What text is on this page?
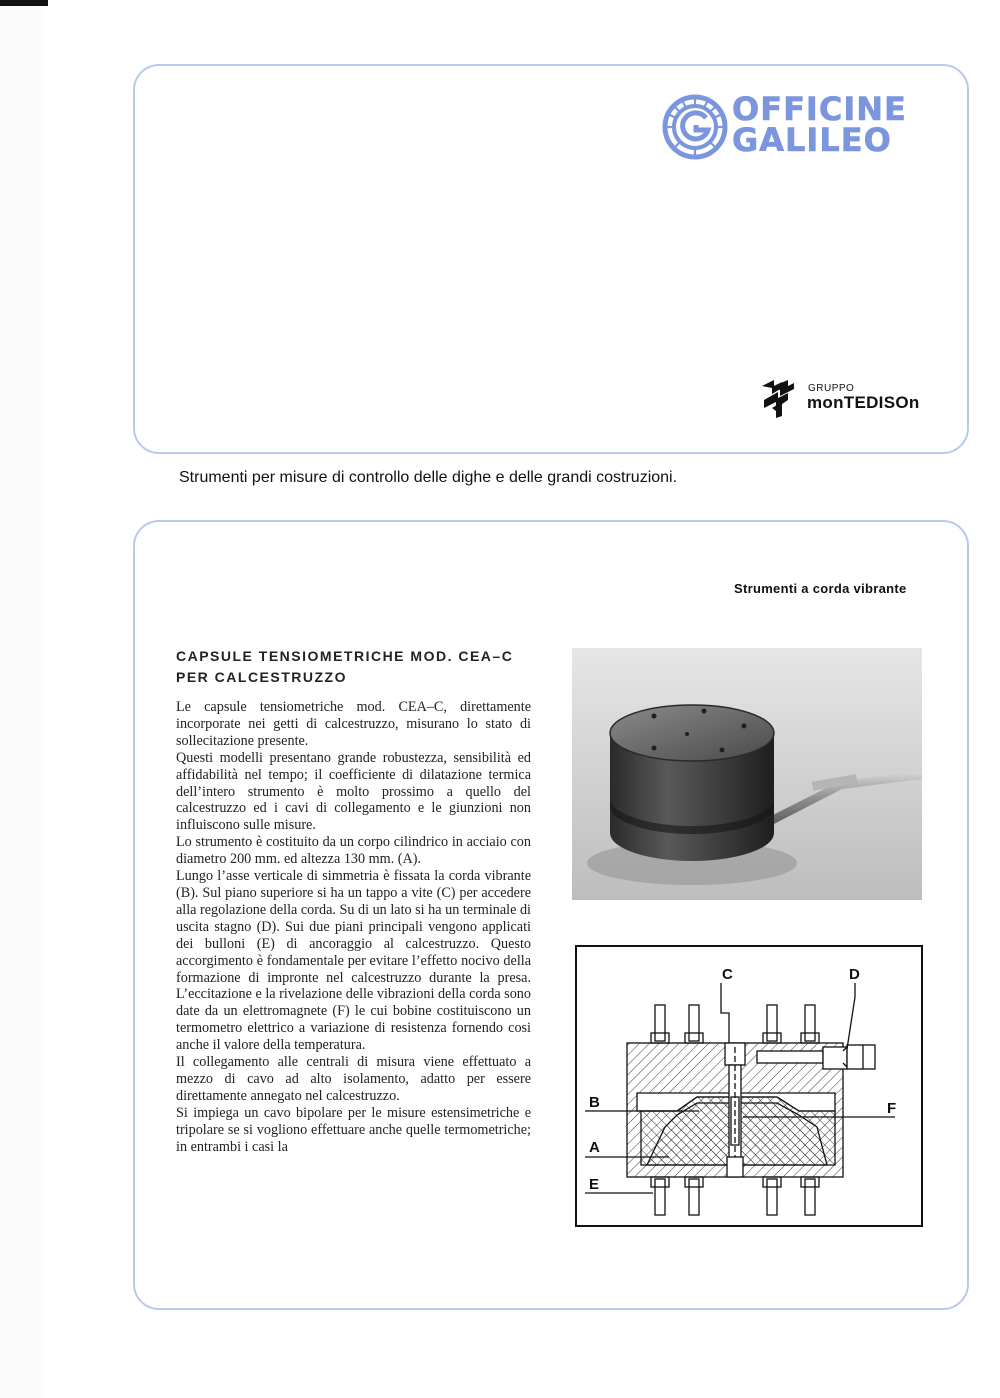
OFFICINE
GALILEO
GRUPPO
monTEDISOn
Strumenti per misure di controllo delle dighe e delle grandi costruzioni.
Strumenti a corda vibrante
CAPSULE TENSIOMETRICHE MOD. CEA–C
PER CALCESTRUZZO

Le capsule tensiometriche mod. CEA–C, direttamente incorporate nei getti di calcestruzzo, misurano lo stato di sollecitazione presente.

Questi modelli presentano grande robustezza, sensibilità ed affidabilità nel tempo; il coefficiente di dilatazione termica dell’intero strumento è molto prossimo a quello del calcestruzzo ed i cavi di collegamento e le giunzioni non influiscono sulle misure.

Lo strumento è costituito da un corpo cilindrico in acciaio con diametro 200 mm. ed altezza 130 mm. (A).

Lungo l’asse verticale di simmetria è fissata la corda vibrante (B). Sul piano superiore si ha un tappo a vite (C) per accedere alla regolazione della corda. Su di un lato si ha un terminale di uscita stagno (D). Sui due piani principali vengono applicati dei bulloni (E) di ancoraggio al calcestruzzo. Questo accorgimento è fondamentale per evitare l’effetto nocivo della formazione di impronte nel calcestruzzo durante la presa. L’eccitazione e la rivelazione delle vibrazioni della corda sono date da un elettromagnete (F) le cui bobine costituiscono un termometro elettrico a variazione di resistenza fornendo cosi anche il valore della temperatura.

Il collegamento alle centrali di misura viene effettuato a mezzo di cavo ad alto isolamento, adatto per essere direttamente annegato nel calcestruzzo.

Si impiega un cavo bipolare per le misure estensimetriche e tripolare se si vogliono effettuare anche quelle termometriche; in entrambi i casi la

C	D
B
A
E
F
